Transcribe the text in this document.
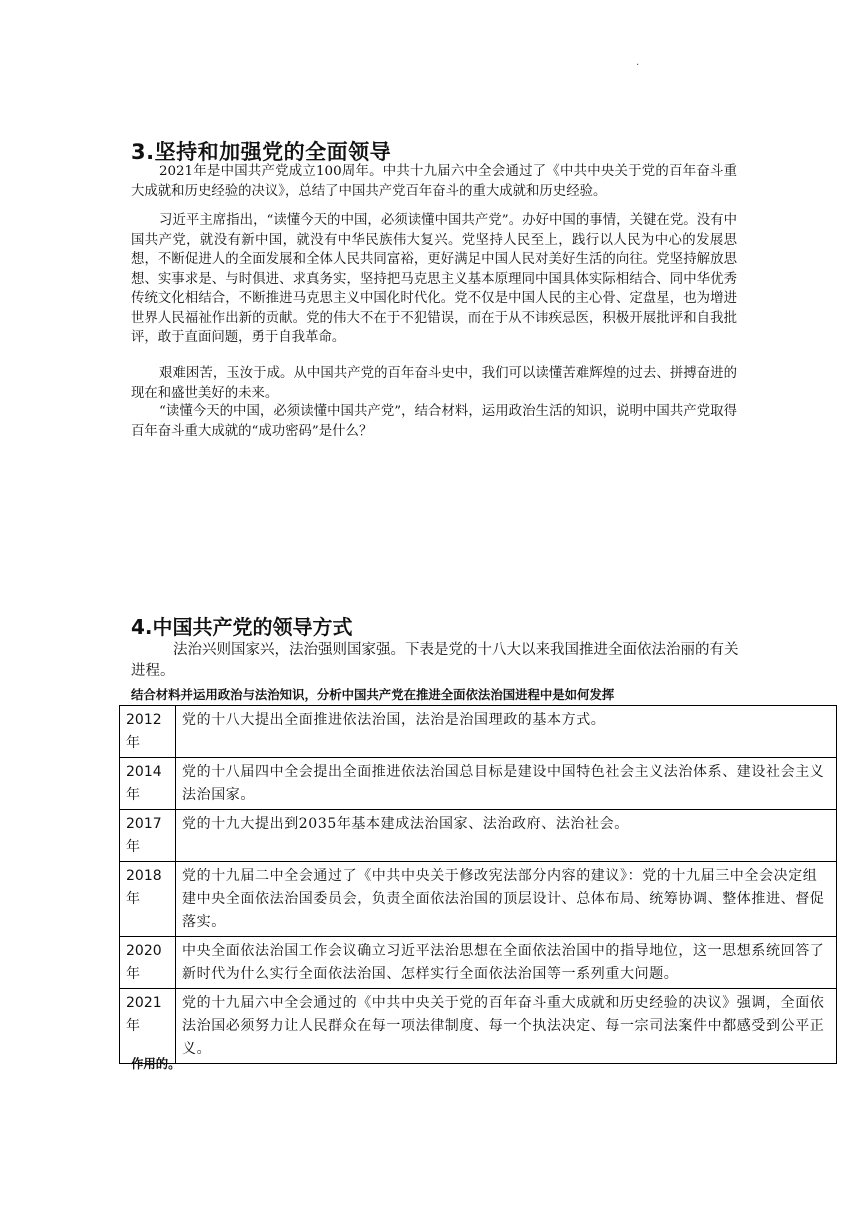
·
3.坚持和加强党的全面领导

2021年是中国共产党成立100周年。中共十九届六中全会通过了《中共中央关于党的百年奋斗重大成就和历史经验的决议》，总结了中国共产党百年奋斗的重大成就和历史经验。

习近平主席指出，“读懂今天的中国，必须读懂中国共产党”。办好中国的事情，关键在党。没有中国共产党，就没有新中国，就没有中华民族伟大复兴。党坚持人民至上，践行以人民为中心的发展思想，不断促进人的全面发展和全体人民共同富裕，更好满足中国人民对美好生活的向往。党坚持解放思想、实事求是、与时俱进、求真务实，坚持把马克思主义基本原理同中国具体实际相结合、同中华优秀传统文化相结合，不断推进马克思主义中国化时代化。党不仅是中国人民的主心骨、定盘星，也为增进世界人民福祉作出新的贡献。党的伟大不在于不犯错误，而在于从不讳疾忌医，积极开展批评和自我批评，敢于直面问题，勇于自我革命。

艰难困苦，玉汝于成。从中国共产党的百年奋斗史中，我们可以读懂苦难辉煌的过去、拼搏奋进的现在和盛世美好的未来。

“读懂今天的中国，必须读懂中国共产党”，结合材料，运用政治生活的知识，说明中国共产党取得百年奋斗重大成就的“成功密码”是什么？

4.中国共产党的领导方式

法治兴则国家兴，法治强则国家强。下表是党的十八大以来我国推进全面依法治丽的有关进程。

结合材料并运用政治与法治知识，分析中国共产党在推进全面依法治国进程中是如何发挥
2012年	党的十八大提出全面推进依法治国，法治是治国理政的基本方式。
2014年	党的十八届四中全会提出全面推进依法治国总目标是建设中国特色社会主义法治体系、建设社会主义法治国家。
2017年	党的十九大提出到2035年基本建成法治国家、法治政府、法治社会。
2018年	党的十九届二中全会通过了《中共中央关于修改宪法部分内容的建议》：党的十九届三中全会决定组建中央全面依法治国委员会，负责全面依法治国的顶层设计、总体布局、统筹协调、整体推进、督促落实。
2020年	中央全面依法治国工作会议确立习近平法治思想在全面依法治国中的指导地位，这一思想系统回答了新时代为什么实行全面依法治国、怎样实行全面依法治国等一系列重大问题。
2021年	党的十九届六中全会通过的《中共中央关于党的百年奋斗重大成就和历史经验的决议》强调，全面依法治国必须努力让人民群众在每一项法律制度、每一个执法决定、每一宗司法案件中都感受到公平正义。
作用的。
